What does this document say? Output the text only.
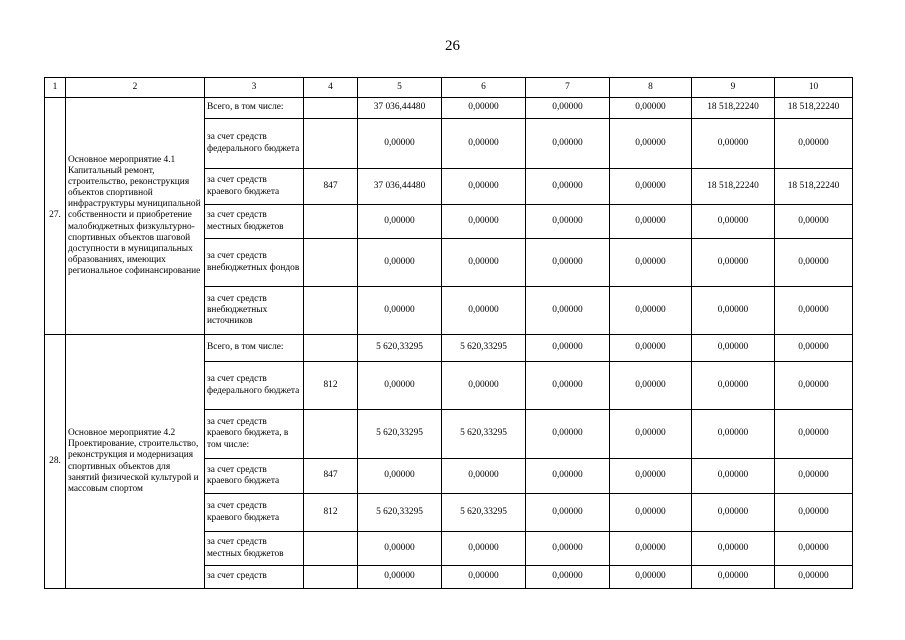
26
1	2	3	4	5	6	7	8	9	10
27.	Основное мероприятие 4.1 Капитальный ремонт, строительство, реконструкция объектов спортивной инфраструктуры муниципальной собственности и приобретение малобюджетных физкультурно-спортивных объектов шаговой доступности в муниципальных образованиях, имеющих региональное софинансирование	Всего, в том числе:		37 036,44480	0,00000	0,00000	0,00000	18 518,22240	18 518,22240
		за счет средств федерального бюджета		0,00000	0,00000	0,00000	0,00000	0,00000	0,00000
		за счет средств краевого бюджета	847	37 036,44480	0,00000	0,00000	0,00000	18 518,22240	18 518,22240
		за счет средств местных бюджетов		0,00000	0,00000	0,00000	0,00000	0,00000	0,00000
		за счет средств внебюджетных фондов		0,00000	0,00000	0,00000	0,00000	0,00000	0,00000
		за счет средств внебюджетных источников		0,00000	0,00000	0,00000	0,00000	0,00000	0,00000
28.	Основное мероприятие 4.2 Проектирование, строительство, реконструкция и модернизация спортивных объектов для занятий физической культурой и массовым спортом	Всего, в том числе:		5 620,33295	5 620,33295	0,00000	0,00000	0,00000	0,00000
		за счет средств федерального бюджета	812	0,00000	0,00000	0,00000	0,00000	0,00000	0,00000
		за счет средств краевого бюджета, в том числе:		5 620,33295	5 620,33295	0,00000	0,00000	0,00000	0,00000
		за счет средств краевого бюджета	847	0,00000	0,00000	0,00000	0,00000	0,00000	0,00000
		за счет средств краевого бюджета	812	5 620,33295	5 620,33295	0,00000	0,00000	0,00000	0,00000
		за счет средств местных бюджетов		0,00000	0,00000	0,00000	0,00000	0,00000	0,00000
		за счет средств		0,00000	0,00000	0,00000	0,00000	0,00000	0,00000
